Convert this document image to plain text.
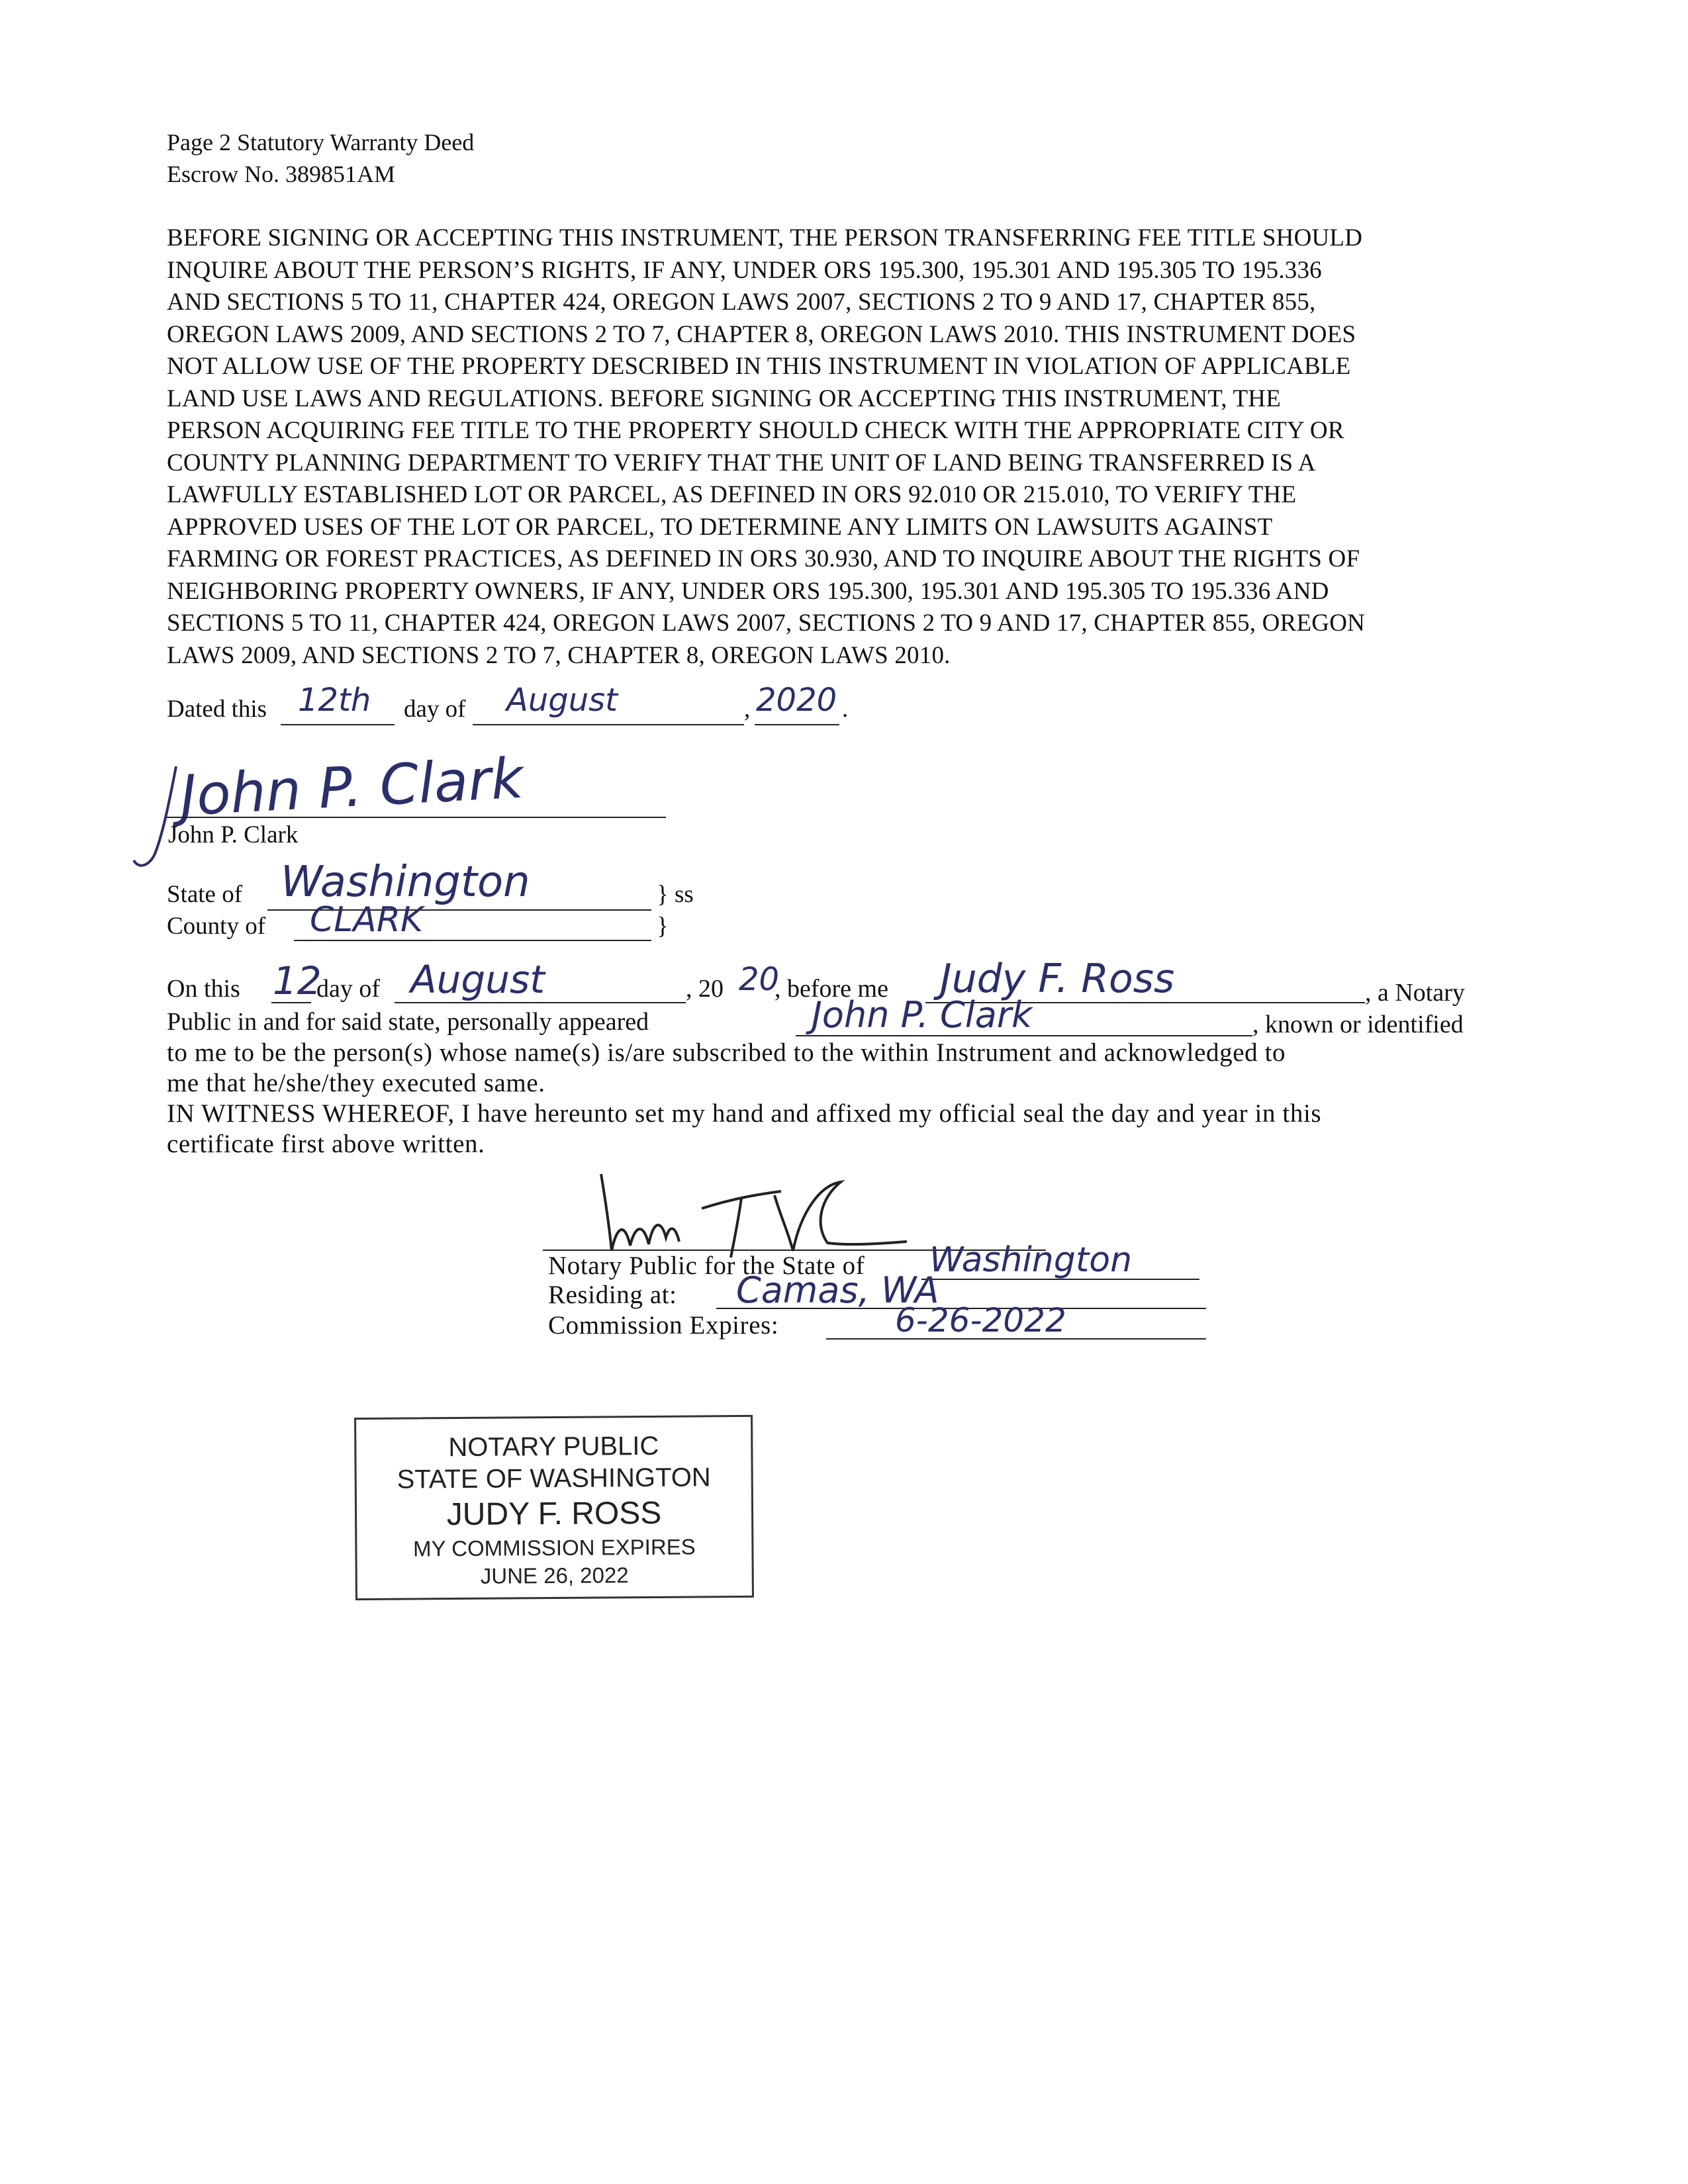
Page 2 Statutory Warranty Deed
Escrow No. 389851AM

BEFORE SIGNING OR ACCEPTING THIS INSTRUMENT, THE PERSON TRANSFERRING FEE TITLE SHOULD

INQUIRE ABOUT THE PERSON’S RIGHTS, IF ANY, UNDER ORS 195.300, 195.301 AND 195.305 TO 195.336

AND SECTIONS 5 TO 11, CHAPTER 424, OREGON LAWS 2007, SECTIONS 2 TO 9 AND 17, CHAPTER 855,

OREGON LAWS 2009, AND SECTIONS 2 TO 7, CHAPTER 8, OREGON LAWS 2010. THIS INSTRUMENT DOES

NOT ALLOW USE OF THE PROPERTY DESCRIBED IN THIS INSTRUMENT IN VIOLATION OF APPLICABLE

LAND USE LAWS AND REGULATIONS. BEFORE SIGNING OR ACCEPTING THIS INSTRUMENT, THE

PERSON ACQUIRING FEE TITLE TO THE PROPERTY SHOULD CHECK WITH THE APPROPRIATE CITY OR

COUNTY PLANNING DEPARTMENT TO VERIFY THAT THE UNIT OF LAND BEING TRANSFERRED IS A

LAWFULLY ESTABLISHED LOT OR PARCEL, AS DEFINED IN ORS 92.010 OR 215.010, TO VERIFY THE

APPROVED USES OF THE LOT OR PARCEL, TO DETERMINE ANY LIMITS ON LAWSUITS AGAINST

FARMING OR FOREST PRACTICES, AS DEFINED IN ORS 30.930, AND TO INQUIRE ABOUT THE RIGHTS OF

NEIGHBORING PROPERTY OWNERS, IF ANY, UNDER ORS 195.300, 195.301 AND 195.305 TO 195.336 AND

SECTIONS 5 TO 11, CHAPTER 424, OREGON LAWS 2007, SECTIONS 2 TO 9 AND 17, CHAPTER 855, OREGON

LAWS 2009, AND SECTIONS 2 TO 7, CHAPTER 8, OREGON LAWS 2010.

Dated this 12th day of August	, 2020 .
John P. Clark
John P. Clark
State of Washington	} ss
County of CLARK	}
On this 12
day of August	, 20 20
, before me Judy F. Ross	, a Notary
Public in and for said state, personally appeared	John P. Clark	, known or identified
to me to be the person(s) whose name(s) is/are subscribed to the within Instrument and acknowledged to
me that he/she/they executed same.
IN WITNESS WHEREOF, I have hereunto set my hand and affixed my official seal the day and year in this
certificate first above written.
Notary Public for the State of Washington
Residing at: Camas, WA
Commission Expires:	6-26-2022
NOTARY PUBLIC
STATE OF WASHINGTON
JUDY F. ROSS
MY COMMISSION EXPIRES
JUNE 26, 2022
